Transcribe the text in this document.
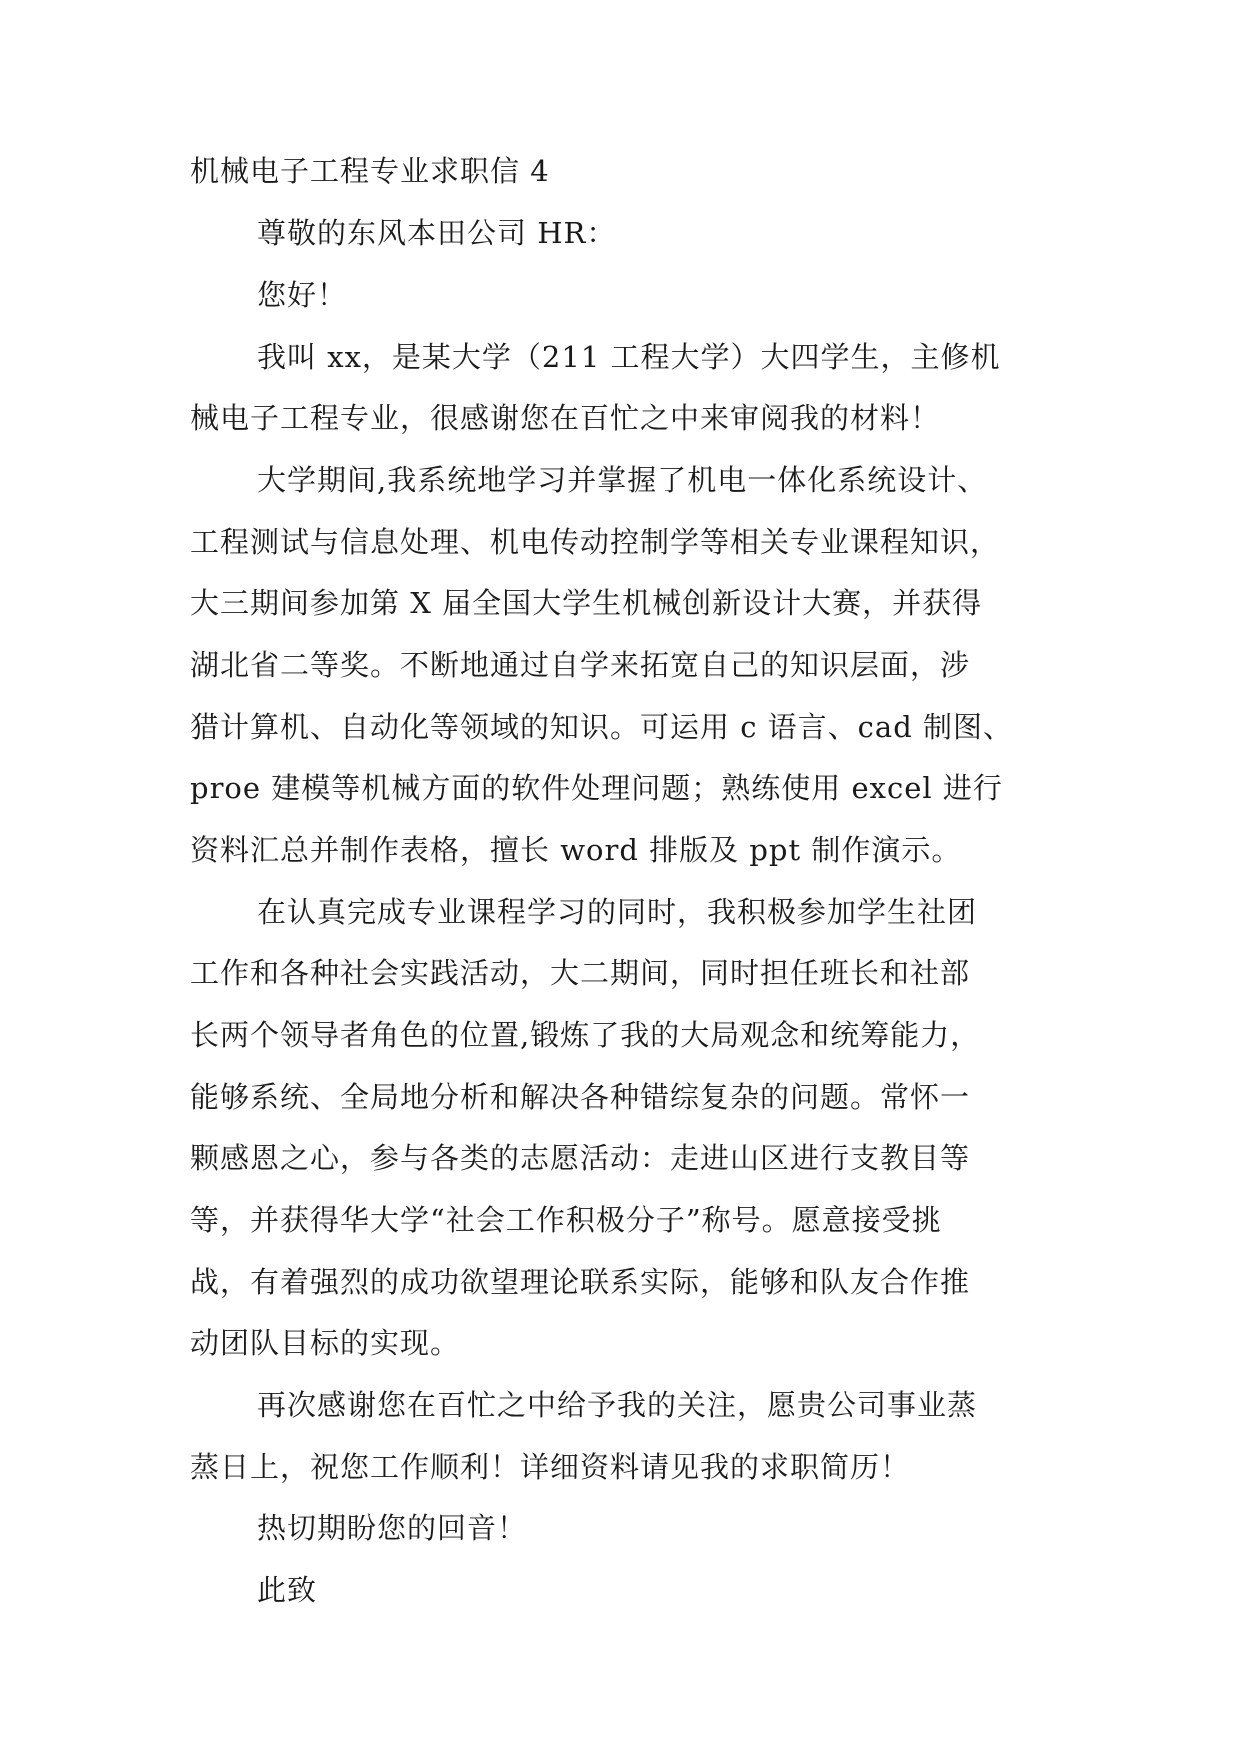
机械电子工程专业求职信 4
尊敬的东风本田公司 HR：
您好！
我叫 xx，是某大学（211 工程大学）大四学生，主修机
械电子工程专业，很感谢您在百忙之中来审阅我的材料！
大学期间,我系统地学习并掌握了机电一体化系统设计、
工程测试与信息处理、机电传动控制学等相关专业课程知识，
大三期间参加第 X 届全国大学生机械创新设计大赛，并获得
湖北省二等奖。不断地通过自学来拓宽自己的知识层面，涉
猎计算机、自动化等领域的知识。可运用 c 语言、cad 制图、
proe 建模等机械方面的软件处理问题；熟练使用 excel 进行
资料汇总并制作表格，擅长 word 排版及 ppt 制作演示。
在认真完成专业课程学习的同时，我积极参加学生社团
工作和各种社会实践活动，大二期间，同时担任班长和社部
长两个领导者角色的位置,锻炼了我的大局观念和统筹能力，
能够系统、全局地分析和解决各种错综复杂的问题。常怀一
颗感恩之心，参与各类的志愿活动：走进山区进行支教目等
等，并获得华大学“社会工作积极分子”称号。愿意接受挑
战，有着强烈的成功欲望理论联系实际，能够和队友合作推
动团队目标的实现。
再次感谢您在百忙之中给予我的关注，愿贵公司事业蒸
蒸日上，祝您工作顺利！详细资料请见我的求职简历！
热切期盼您的回音！
此致
